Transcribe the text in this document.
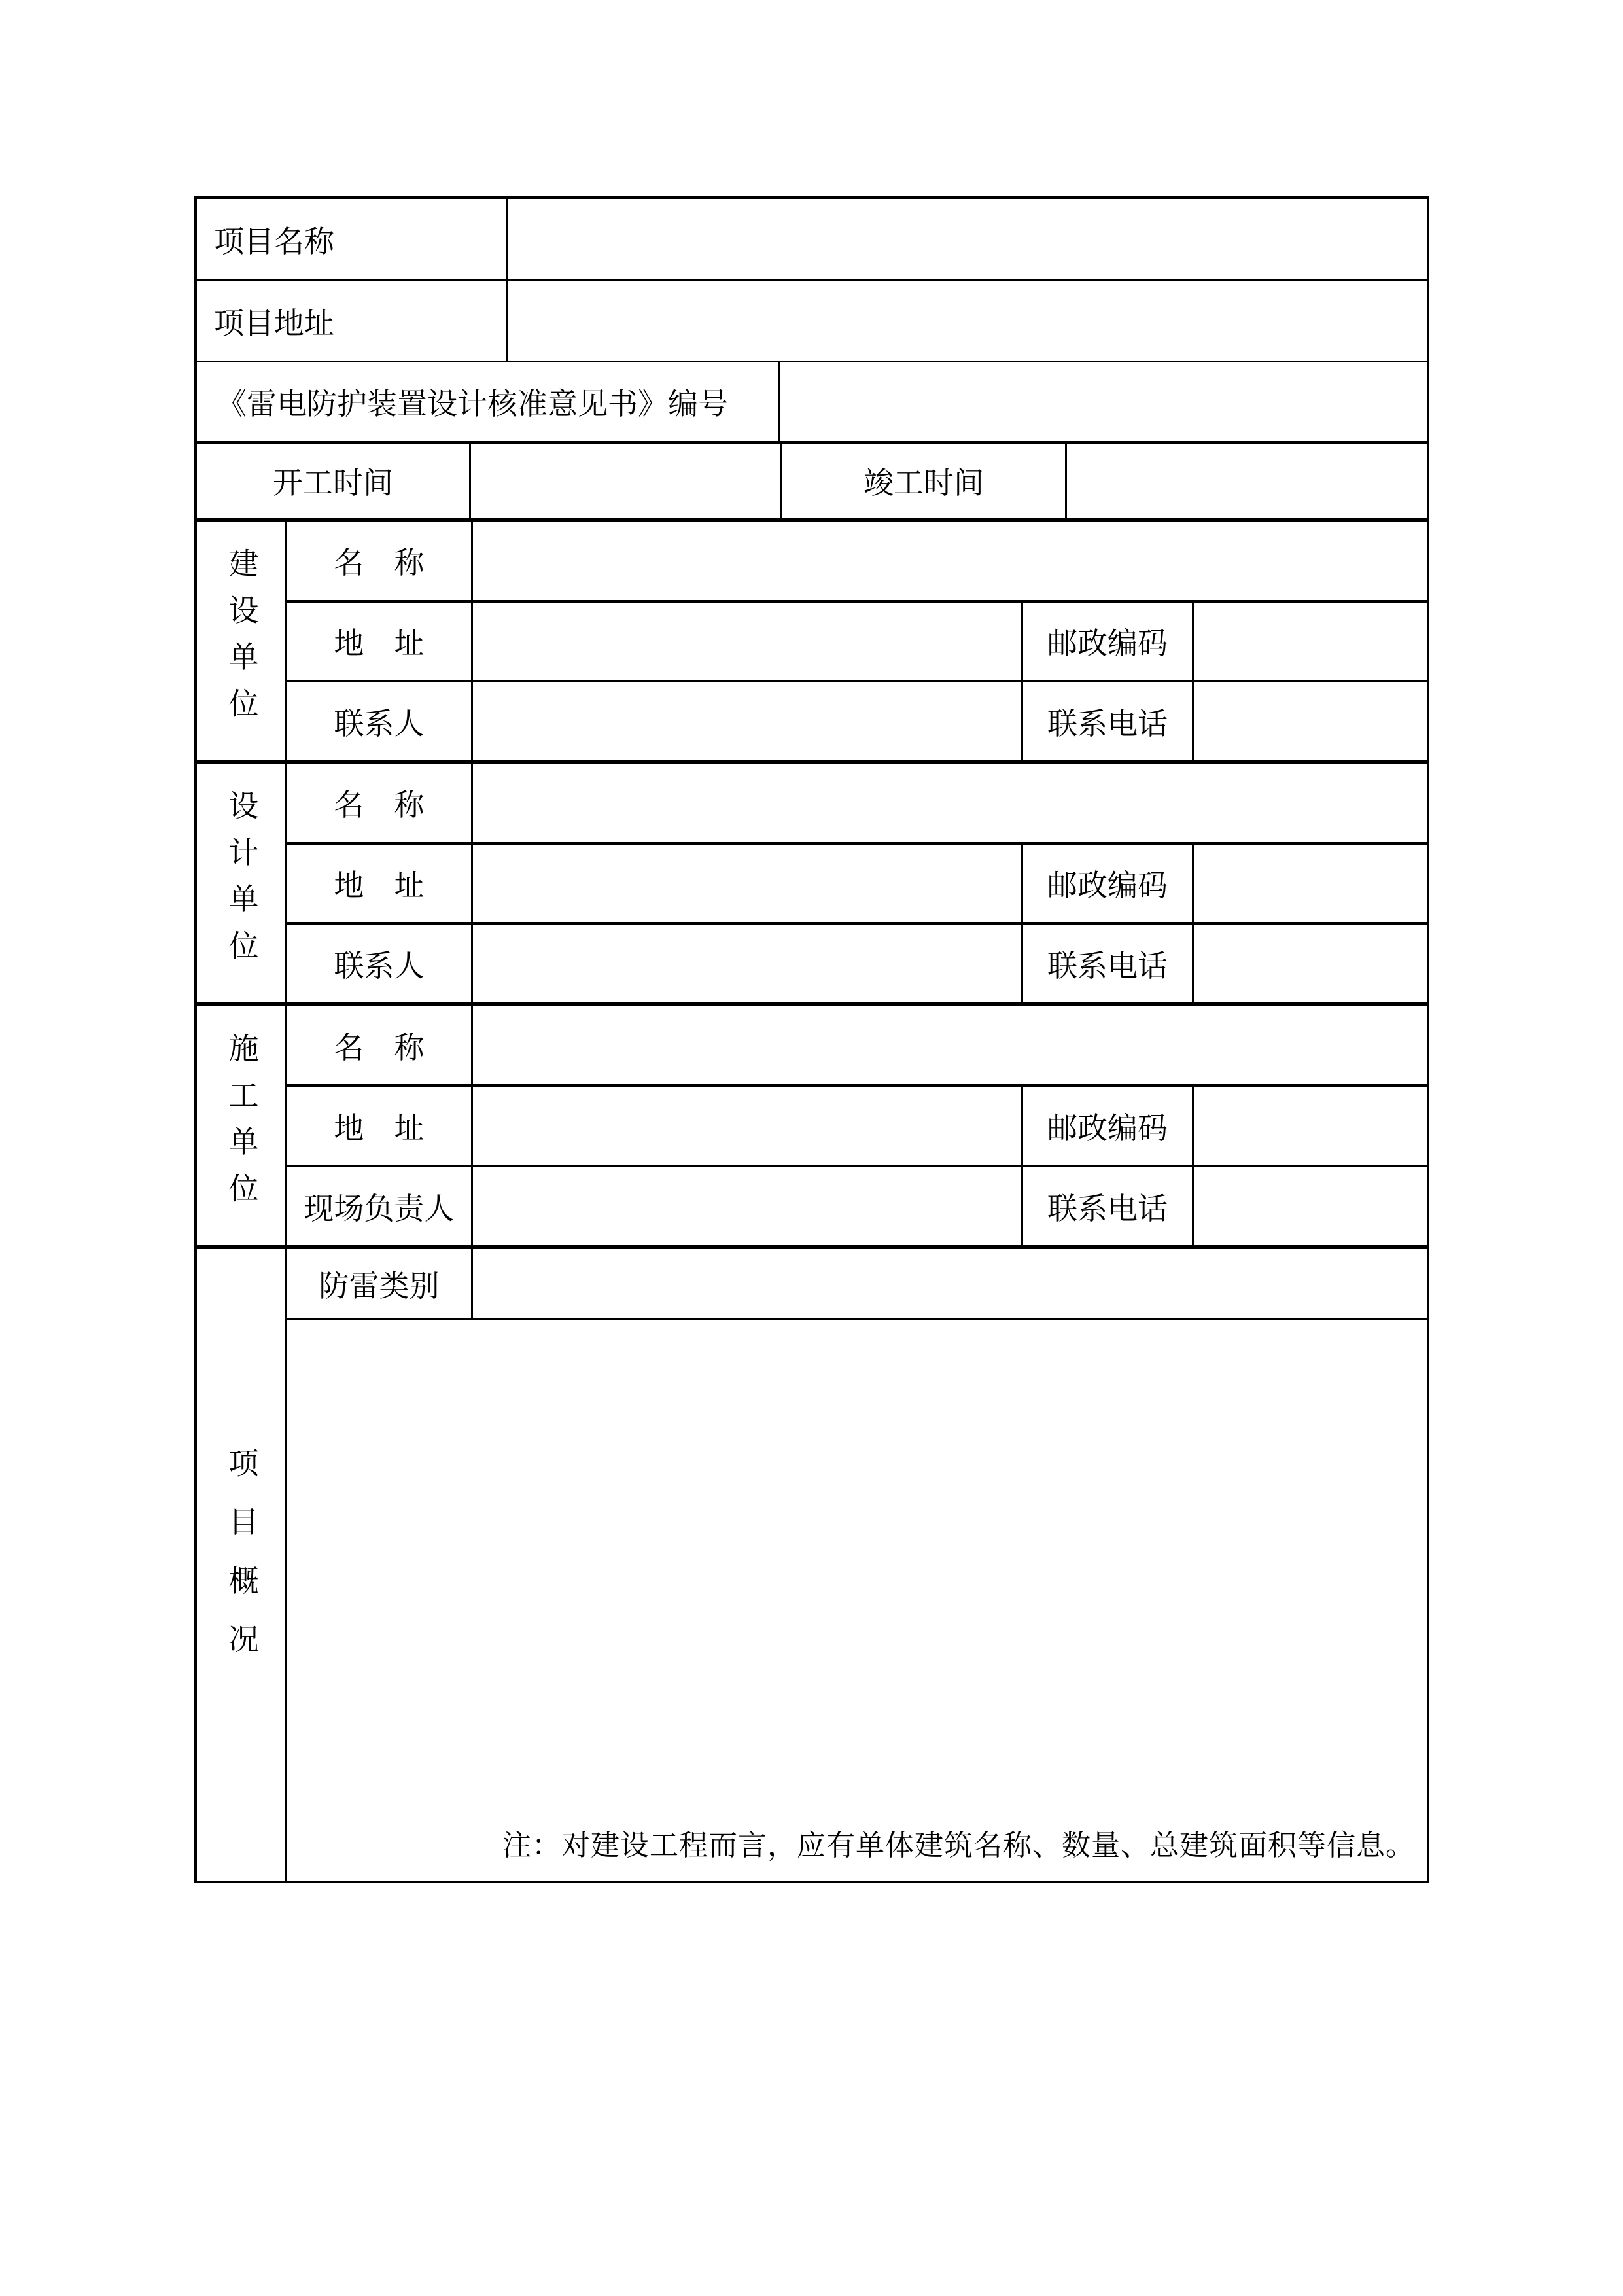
项目名称
项目地址
《雷电防护装置设计核准意见书》编号
开工时间	竣工时间
建设单位	名　称
地　址	邮政编码
联系人	联系电话
设计单位	名　称
地　址	邮政编码
联系人	联系电话
施工单位	名　称
地　址	邮政编码
现场负责人	联系电话
项目概况
防雷类别
注：对建设工程而言，应有单体建筑名称、数量、总建筑面积等信息。
